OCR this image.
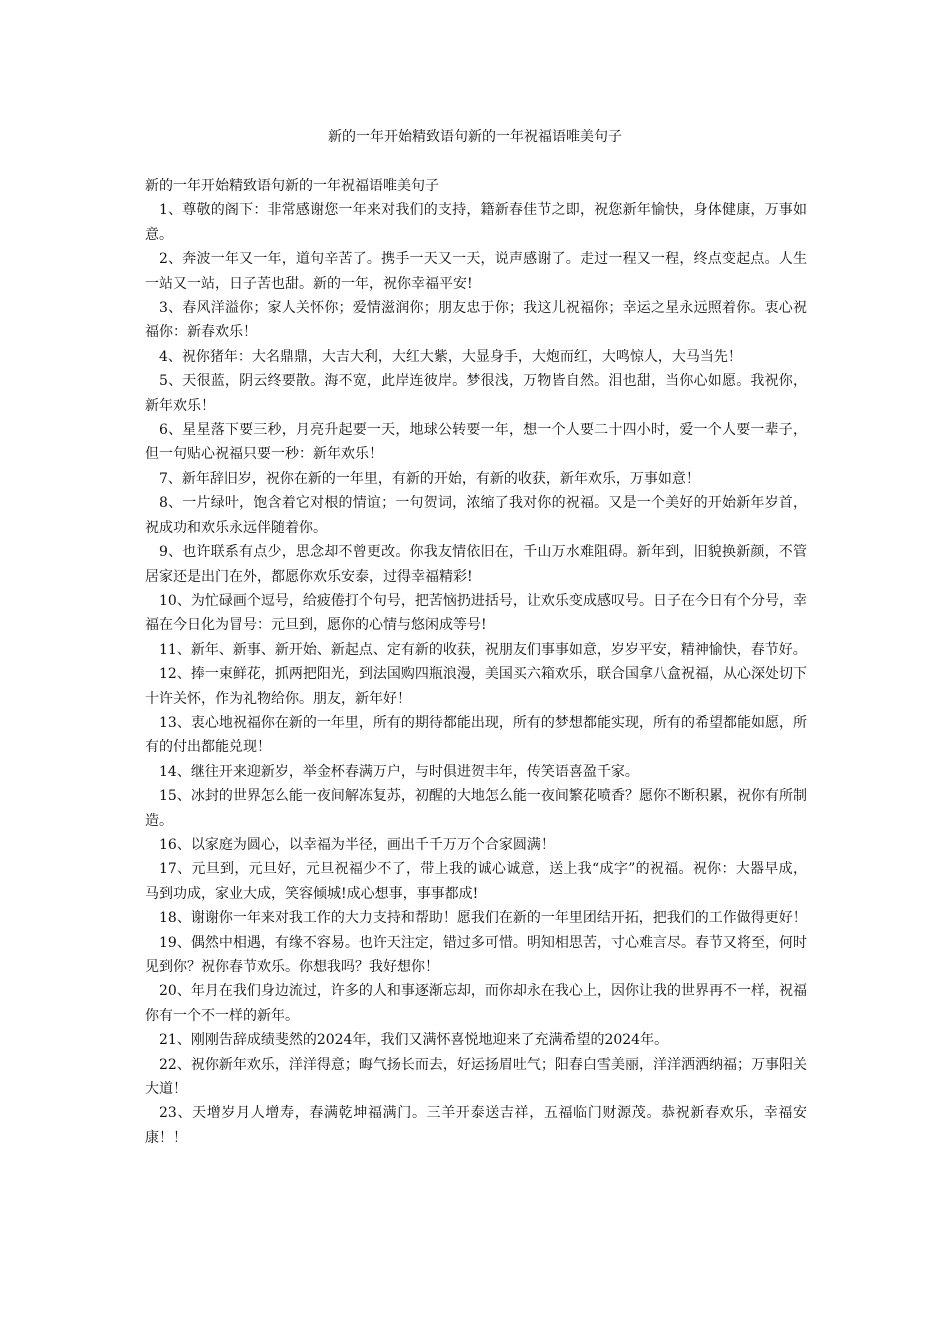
新的一年开始精致语句新的一年祝福语唯美句子

新的一年开始精致语句新的一年祝福语唯美句子

1、尊敬的阁下：非常感谢您一年来对我们的支持，籍新春佳节之即，祝您新年愉快，身体健康，万事如意。

2、奔波一年又一年，道句辛苦了。携手一天又一天，说声感谢了。走过一程又一程，终点变起点。人生一站又一站，日子苦也甜。新的一年，祝你幸福平安!

3、春风洋溢你；家人关怀你；爱情滋润你；朋友忠于你；我这儿祝福你；幸运之星永远照着你。衷心祝福你：新春欢乐！

4、祝你猪年：大名鼎鼎，大吉大利，大红大紫，大显身手，大炮而红，大鸣惊人，大马当先！

5、天很蓝，阴云终要散。海不宽，此岸连彼岸。梦很浅，万物皆自然。泪也甜，当你心如愿。我祝你，新年欢乐！

6、星星落下要三秒，月亮升起要一天，地球公转要一年，想一个人要二十四小时，爱一个人要一辈子，但一句贴心祝福只要一秒：新年欢乐！

7、新年辞旧岁，祝你在新的一年里，有新的开始，有新的收获，新年欢乐，万事如意！

8、一片绿叶，饱含着它对根的情谊；一句贺词，浓缩了我对你的祝福。又是一个美好的开始新年岁首，祝成功和欢乐永远伴随着你。

9、也许联系有点少，思念却不曾更改。你我友情依旧在，千山万水难阻碍。新年到，旧貌换新颜，不管居家还是出门在外，都愿你欢乐安泰，过得幸福精彩!

10、为忙碌画个逗号，给疲倦打个句号，把苦恼扔进括号，让欢乐变成感叹号。日子在今日有个分号，幸福在今日化为冒号：元旦到，愿你的心情与悠闲成等号!

11、新年、新事、新开始、新起点、定有新的收获，祝朋友们事事如意，岁岁平安，精神愉快，春节好。

12、捧一束鲜花，抓两把阳光，到法国购四瓶浪漫，美国买六箱欢乐，联合国拿八盒祝福，从心深处切下十许关怀，作为礼物给你。朋友，新年好！

13、衷心地祝福你在新的一年里，所有的期待都能出现，所有的梦想都能实现，所有的希望都能如愿，所有的付出都能兑现！

14、继往开来迎新岁，举金杯春满万户，与时俱进贺丰年，传笑语喜盈千家。

15、冰封的世界怎么能一夜间解冻复苏，初醒的大地怎么能一夜间繁花喷香？愿你不断积累，祝你有所制造。

16、以家庭为圆心，以幸福为半径，画出千千万万个合家圆满！

17、元旦到，元旦好，元旦祝福少不了，带上我的诚心诚意，送上我“成字”的祝福。祝你：大器早成，马到功成，家业大成，笑容倾城!成心想事，事事都成!

18、谢谢你一年来对我工作的大力支持和帮助！愿我们在新的一年里团结开拓，把我们的工作做得更好！

19、偶然中相遇，有缘不容易。也许天注定，错过多可惜。明知相思苦，寸心难言尽。春节又将至，何时见到你？祝你春节欢乐。你想我吗？我好想你！

20、年月在我们身边流过，许多的人和事逐渐忘却，而你却永在我心上，因你让我的世界再不一样，祝福你有一个不一样的新年。

21、刚刚告辞成绩斐然的2024年，我们又满怀喜悦地迎来了充满希望的2024年。

22、祝你新年欢乐，洋洋得意；晦气扬长而去，好运扬眉吐气；阳春白雪美丽，洋洋洒洒纳福；万事阳关大道！

23、天增岁月人增寿，春满乾坤福满门。三羊开泰送吉祥，五福临门财源茂。恭祝新春欢乐，幸福安康！！
